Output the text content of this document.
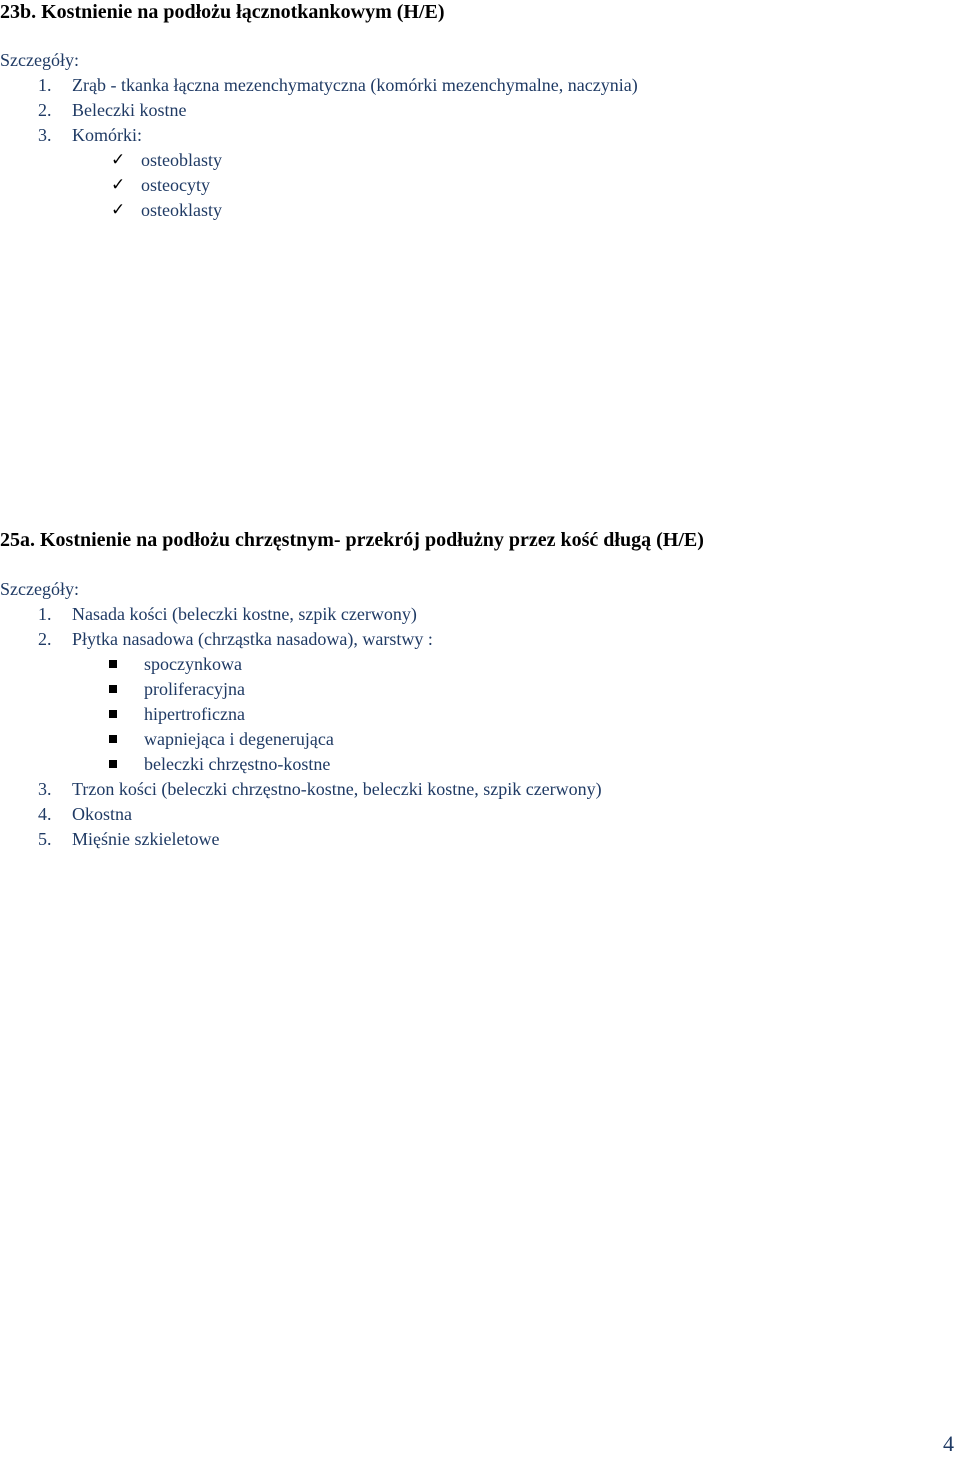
23b. Kostnienie na podłożu łącznotkankowym (H/E)
Szczegóły:
1. Zrąb - tkanka łączna mezenchymatyczna (komórki mezenchymalne, naczynia)
2. Beleczki kostne
3. Komórki:
✓ osteoblasty
✓ osteocyty
✓ osteoklasty
25a. Kostnienie na podłożu chrzęstnym- przekrój podłużny przez kość długą (H/E)
Szczegóły:
1. Nasada kości (beleczki kostne, szpik czerwony)
2. Płytka nasadowa (chrząstka nasadowa), warstwy :
spoczynkowa
proliferacyjna
hipertroficzna
wapniejąca i degenerująca
beleczki chrzęstno-kostne
3. Trzon kości (beleczki chrzęstno-kostne, beleczki kostne, szpik czerwony)
4. Okostna
5. Mięśnie szkieletowe
4
